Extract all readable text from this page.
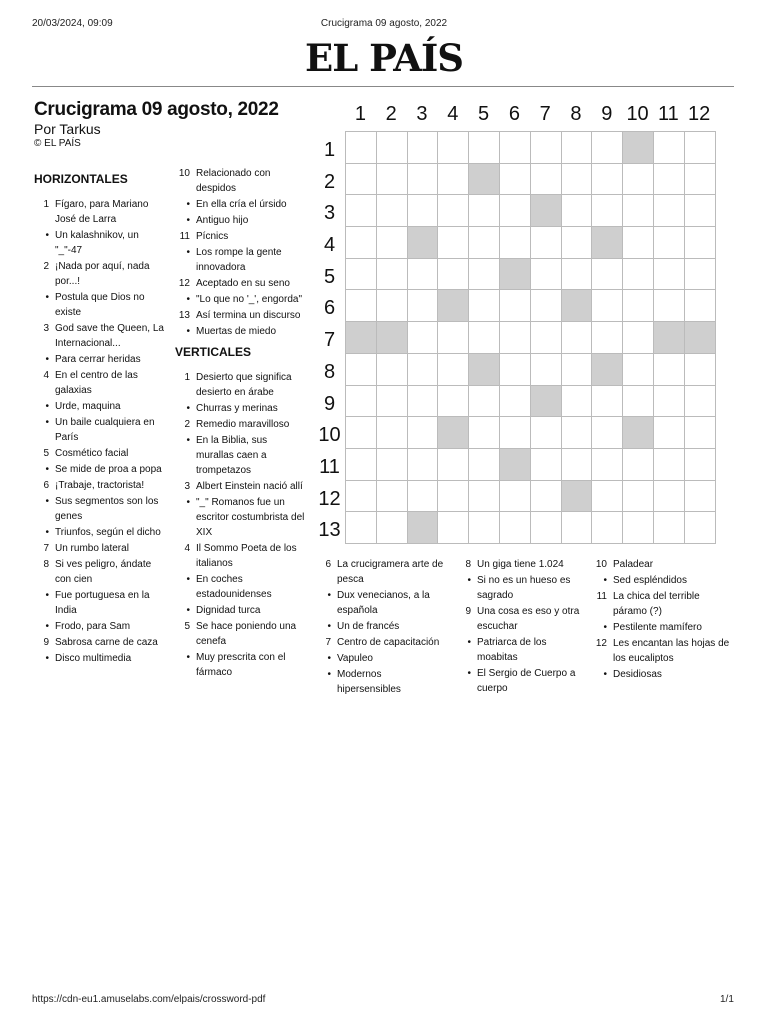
20/03/2024, 09:09	Crucigrama 09 agosto, 2022
EL PAÍS
Crucigrama 09 agosto, 2022
Por Tarkus
© EL PAÍS
HORIZONTALES
1 Fígaro, para Mariano José de Larra
• Un kalashnikov, un "_"-47
2 ¡Nada por aquí, nada por...!
• Postula que Dios no existe
3 God save the Queen, La Internacional...
• Para cerrar heridas
4 En el centro de las galaxias
• Urde, maquina
• Un baile cualquiera en París
5 Cosmético facial
• Se mide de proa a popa
6 ¡Trabaje, tractorista!
• Sus segmentos son los genes
• Triunfos, según el dicho
7 Un rumbo lateral
8 Si ves peligro, ándate con cien
• Fue portuguesa en la India
• Frodo, para Sam
9 Sabrosa carne de caza
• Disco multimedia
10 Relacionado con despidos
• En ella cría el úrsido
• Antiguo hijo
11 Pícnics
• Los rompe la gente innovadora
12 Aceptado en su seno
• "Lo que no '_', engorda"
13 Así termina un discurso
• Muertas de miedo
VERTICALES
1 Desierto que significa desierto en árabe
• Churras y merinas
2 Remedio maravilloso
• En la Biblia, sus murallas caen a trompetazos
3 Albert Einstein nació allí
• "_" Romanos fue un escritor costumbrista del XIX
4 Il Sommo Poeta de los italianos
• En coches estadounidenses
• Dignidad turca
5 Se hace poniendo una cenefa
• Muy prescrita con el fármaco
1 2 3 4 5 6 7 8 9 10 11 12
1
2
3
4
5
6
7
8
9
10
11
12
13
6 La crucigramera arte de pesca
• Dux venecianos, a la española
• Un de francés
7 Centro de capacitación
• Vapuleo
• Modernos hipersensibles
8 Un giga tiene 1.024
• Si no es un hueso es sagrado
9 Una cosa es eso y otra escuchar
• Patriarca de los moabitas
• El Sergio de Cuerpo a cuerpo
10 Paladear
• Sed espléndidos
11 La chica del terrible páramo (?)
• Pestilente mamífero
12 Les encantan las hojas de los eucaliptos
• Desidiosas
https://cdn-eu1.amuselabs.com/elpais/crossword-pdf	1/1
